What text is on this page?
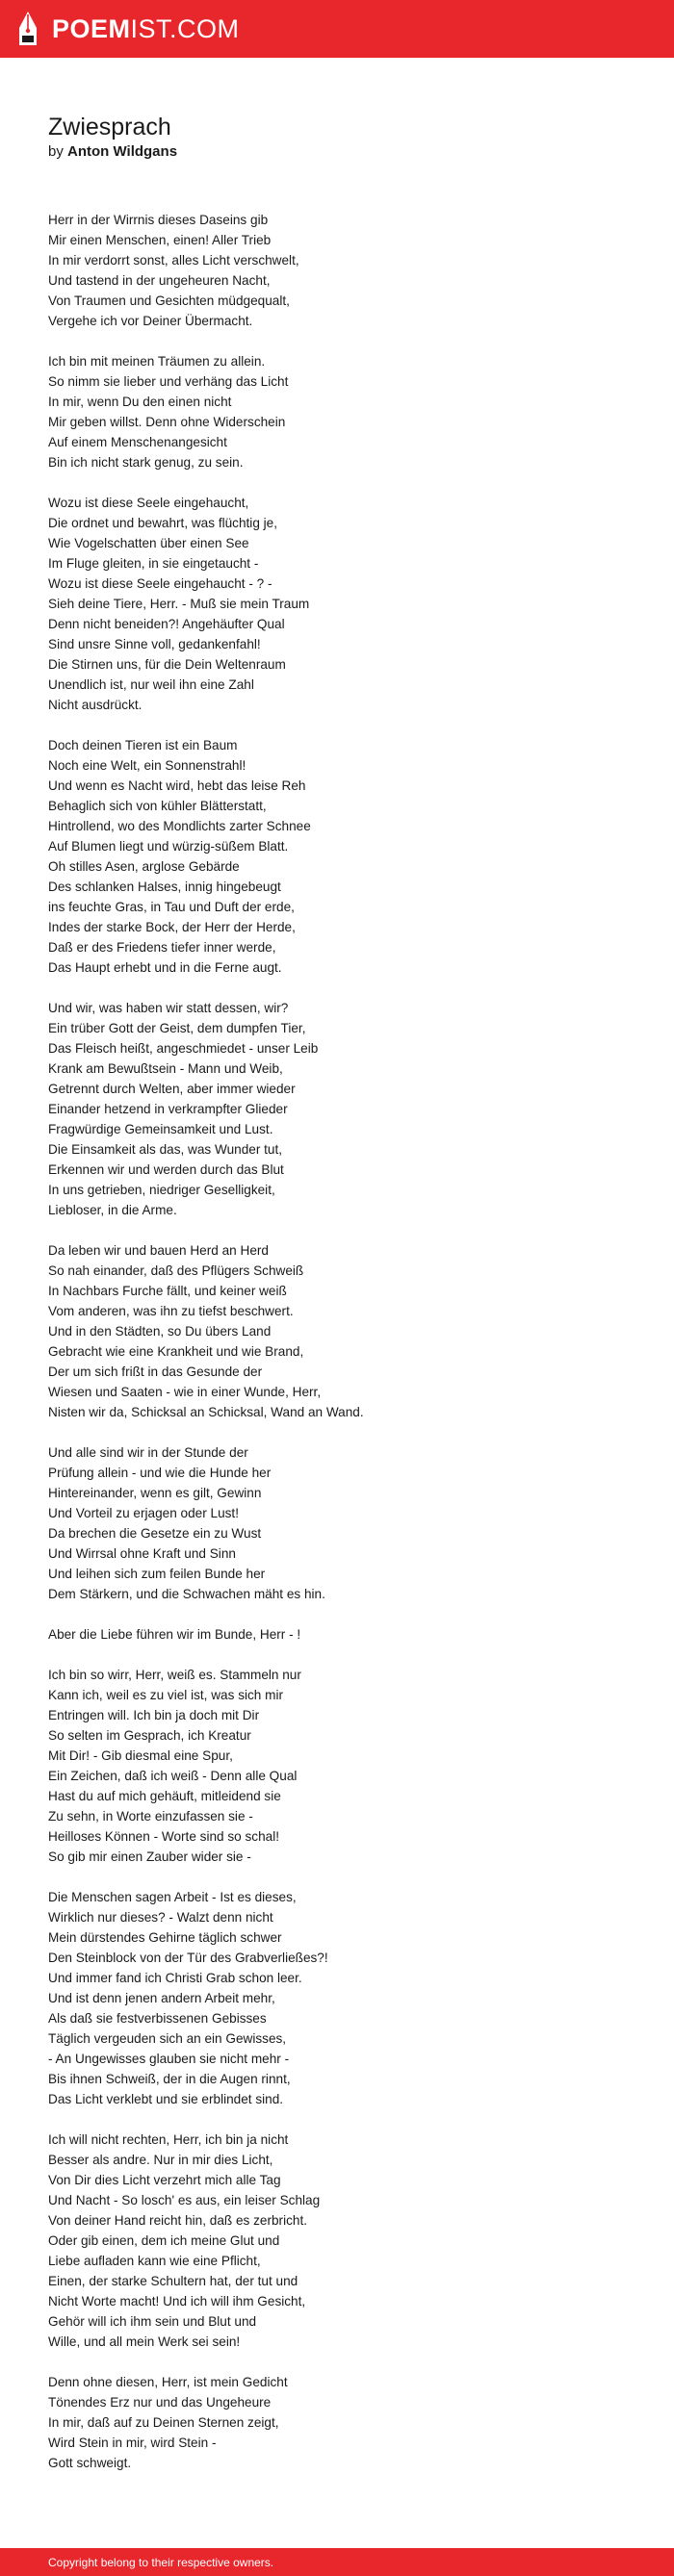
POEMIST.COM
Zwiesprach
by Anton Wildgans
Herr in der Wirrnis dieses Daseins gib
Mir einen Menschen, einen! Aller Trieb
In mir verdorrt sonst, alles Licht verschwelt,
Und tastend in der ungeheuren Nacht,
Von Traumen und Gesichten müdgequalt,
Vergehe ich vor Deiner Übermacht.
Ich bin mit meinen Träumen zu allein.
So nimm sie lieber und verhäng das Licht
In mir, wenn Du den einen nicht
Mir geben willst. Denn ohne Widerschein
Auf einem Menschenangesicht
Bin ich nicht stark genug, zu sein.
Wozu ist diese Seele eingehaucht,
Die ordnet und bewahrt, was flüchtig je,
Wie Vogelschatten über einen See
Im Fluge gleiten, in sie eingetaucht -
Wozu ist diese Seele eingehaucht - ? -
Sieh deine Tiere, Herr. - Muß sie mein Traum
Denn nicht beneiden?! Angehäufter Qual
Sind unsre Sinne voll, gedankenfahl!
Die Stirnen uns, für die Dein Weltenraum
Unendlich ist, nur weil ihn eine Zahl
Nicht ausdrückt.
Doch deinen Tieren ist ein Baum
Noch eine Welt, ein Sonnenstrahl!
Und wenn es Nacht wird, hebt das leise Reh
Behaglich sich von kühler Blätterstatt,
Hintrollend, wo des Mondlichts zarter Schnee
Auf Blumen liegt und würzig-süßem Blatt.
Oh stilles Asen, arglose Gebärde
Des schlanken Halses, innig hingebeugt
ins feuchte Gras, in Tau und Duft der erde,
Indes der starke Bock, der Herr der Herde,
Daß er des Friedens tiefer inner werde,
Das Haupt erhebt und in die Ferne augt.
Und wir, was haben wir statt dessen, wir?
Ein trüber Gott der Geist, dem dumpfen Tier,
Das Fleisch heißt, angeschmiedet - unser Leib
Krank am Bewußtsein - Mann und Weib,
Getrennt durch Welten, aber immer wieder
Einander hetzend in verkrampfter Glieder
Fragwürdige Gemeinsamkeit und Lust.
Die Einsamkeit als das, was Wunder tut,
Erkennen wir und werden durch das Blut
In uns getrieben, niedriger Geselligkeit,
Liebloser, in die Arme.
Da leben wir und bauen Herd an Herd
So nah einander, daß des Pflügers Schweiß
In Nachbars Furche fällt, und keiner weiß
Vom anderen, was ihn zu tiefst beschwert.
Und in den Städten, so Du übers Land
Gebracht wie eine Krankheit und wie Brand,
Der um sich frißt in das Gesunde der
Wiesen und Saaten - wie in einer Wunde, Herr,
Nisten wir da, Schicksal an Schicksal, Wand an Wand.
Und alle sind wir in der Stunde der
Prüfung allein - und wie die Hunde her
Hintereinander, wenn es gilt, Gewinn
Und Vorteil zu erjagen oder Lust!
Da brechen die Gesetze ein zu Wust
Und Wirrsal ohne Kraft und Sinn
Und leihen sich zum feilen Bunde her
Dem Stärkern, und die Schwachen mäht es hin.
Aber die Liebe führen wir im Bunde, Herr - !
Ich bin so wirr, Herr, weiß es. Stammeln nur
Kann ich, weil es zu viel ist, was sich mir
Entringen will. Ich bin ja doch mit Dir
So selten im Gesprach, ich Kreatur
Mit Dir! - Gib diesmal eine Spur,
Ein Zeichen, daß ich weiß - Denn alle Qual
Hast du auf mich gehäuft, mitleidend sie
Zu sehn, in Worte einzufassen sie -
Heilloses Können - Worte sind so schal!
So gib mir einen Zauber wider sie -
Die Menschen sagen Arbeit - Ist es dieses,
Wirklich nur dieses? - Walzt denn nicht
Mein dürstendes Gehirne täglich schwer
Den Steinblock von der Tür des Grabverließes?!
Und immer fand ich Christi Grab schon leer.
Und ist denn jenen andern Arbeit mehr,
Als daß sie festverbissenen Gebisses
Täglich vergeuden sich an ein Gewisses,
- An Ungewisses glauben sie nicht mehr -
Bis ihnen Schweiß, der in die Augen rinnt,
Das Licht verklebt und sie erblindet sind.
Ich will nicht rechten, Herr, ich bin ja nicht
Besser als andre. Nur in mir dies Licht,
Von Dir dies Licht verzehrt mich alle Tag
Und Nacht - So losch' es aus, ein leiser Schlag
Von deiner Hand reicht hin, daß es zerbricht.
Oder gib einen, dem ich meine Glut und
Liebe aufladen kann wie eine Pflicht,
Einen, der starke Schultern hat, der tut und
Nicht Worte macht! Und ich will ihm Gesicht,
Gehör will ich ihm sein und Blut und
Wille, und all mein Werk sei sein!
Denn ohne diesen, Herr, ist mein Gedicht
Tönendes Erz nur und das Ungeheure
In mir, daß auf zu Deinen Sternen zeigt,
Wird Stein in mir, wird Stein -
Gott schweigt.
Copyright belong to their respective owners.
